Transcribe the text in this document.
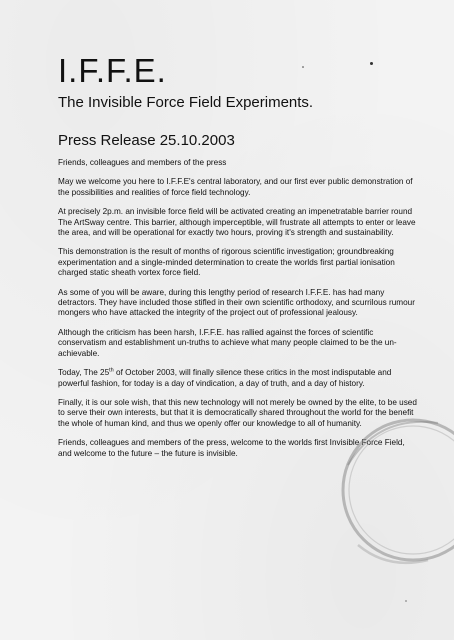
I.F.F.E.
The Invisible Force Field Experiments.
Press Release 25.10.2003

Friends, colleagues and members of the press

May we welcome you here to I.F.F.E's central laboratory, and our first ever public demonstration of the possibilities and realities of force field technology.

At precisely 2p.m. an invisible force field will be activated creating an impenetratable barrier round The ArtSway centre. This barrier, although imperceptible, will frustrate all attempts to enter or leave the area, and will be operational for exactly two hours, proving it's strength and sustainability.

This demonstration is the result of months of rigorous scientific investigation; groundbreaking experimentation and a single-minded determination to create the worlds first partial ionisation charged static sheath vortex force field.

As some of you will be aware, during this lengthy period of research I.F.F.E. has had many detractors. They have included those stifled in their own scientific orthodoxy, and scurrilous rumour mongers who have attacked the integrity of the project out of professional jealousy.

Although the criticism has been harsh, I.F.F.E. has rallied against the forces of scientific conservatism and establishment un-truths to achieve what many people claimed to be the un-achievable.

Today, The 25th of October 2003, will finally silence these critics in the most indisputable and powerful fashion, for today is a day of vindication, a day of truth, and a day of history.

Finally, it is our sole wish, that this new technology will not merely be owned by the elite, to be used to serve their own interests, but that it is democratically shared throughout the world for the benefit the whole of human kind, and thus we openly offer our knowledge to all of humanity.

Friends, colleagues and members of the press, welcome to the worlds first Invisible Force Field, and welcome to the future – the future is invisible.
